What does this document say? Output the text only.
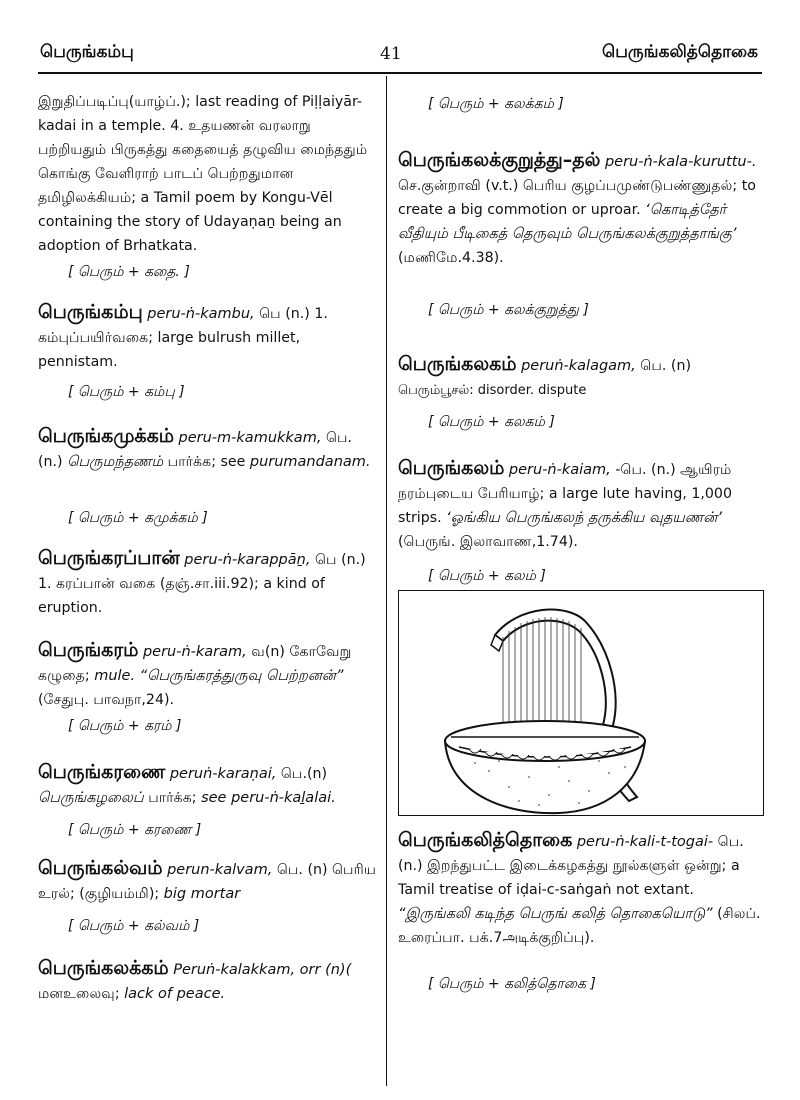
பெருங்கம்பு	41	பெருங்கலித்தொகை
இறுதிப்படிப்பு(யாழ்ப்.); last reading of Piḷḷaiyār-kadai in a temple. 4. உதயணன் வரலாறு பற்றியதும் பிருகத்து கதையைத் தழுவிய மைந்ததும் கொங்கு வேளிராற் பாடப் பெற்றதுமான தமிழிலக்கியம்; a Tamil poem by Kongu-Vēl containing the story of Udayaṇaṉ being an adoption of Brhatkata.
[ பெரும் + கதை. ]
பெருங்கம்பு peru-ṅ-kambu, பெ (n.) 1. கம்புப்பயிர்வகை; large bulrush millet, pennistam.
[ பெரும் + கம்பு ]
பெருங்கமுக்கம் peru-m-kamukkam, பெ. (n.) பெருமந்தணம் பார்க்க; see purumandanam.
[ பெரும் + கமுக்கம் ]
பெருங்கரப்பான் peru-ṅ-karappāṉ, பெ (n.) 1. கரப்பான் வகை (தஞ்.சா.iii.92); a kind of eruption.
பெருங்கரம் peru-ṅ-karam, வ(n) கோவேறு கழுதை; mule. “பெருங்கரத்துருவு பெற்றனன்” (சேதுபு. பாவநா,24).
[ பெரும் + கரம் ]
பெருங்கரணை peruṅ-karaṇai, பெ.(n) பெருங்கழலைப் பார்க்க; see peru-ṅ-kaḻalai.
[ பெரும் + கரணை ]
பெருங்கல்வம் perun-kalvam, பெ. (n) பெரிய உரல்; (குழியம்மி); big mortar
[ பெரும் + கல்வம் ]
பெருங்கலக்கம் Peruṅ-kalakkam, orr (n)( மனஉலைவு; lack of peace.
[ பெரும் + கலக்கம் ]
பெருங்கலக்குறுத்து–தல் peru-ṅ-kala-kuruttu-. செ.குன்றாவி (v.t.) பெரிய குழப்பமுண்டுபண்ணுதல்; to create a big commotion or uproar. ‘கொடித்தேர் வீதியும் பீடிகைத் தெருவும் பெருங்கலக்குறுத்தாங்கு’ (மணிமே.4.38).
[ பெரும் + கலக்குறுத்து ]
பெருங்கலகம் peruṅ-kalagam, பெ. (n) பெரும்பூசல்: disorder. dispute
[ பெரும் + கலகம் ]
பெருங்கலம் peru-ṅ-kaiam, -பெ. (n.) ஆயிரம் நரம்புடைய பேரியாழ்; a large lute having, 1,000 strips. ‘ஓங்கிய பெருங்கலந் தருக்கிய வுதயணன்’ (பெருங். இலாவாண,1.74).
[ பெரும் + கலம் ]
பெருங்கலித்தொகை peru-ṅ-kali-t-togai- பெ. (n.) இறந்துபட்ட இடைக்கழகத்து நூல்களுள் ஒன்று; a Tamil treatise of iḍai-c-saṅgaṅ not extant. “இருங்கலி கடிந்த பெருங் கலித் தொகையொடு” (சிலப். உரைப்பா. பக்.7அடிக்குறிப்பு).
[ பெரும் + கலித்தொகை ]
